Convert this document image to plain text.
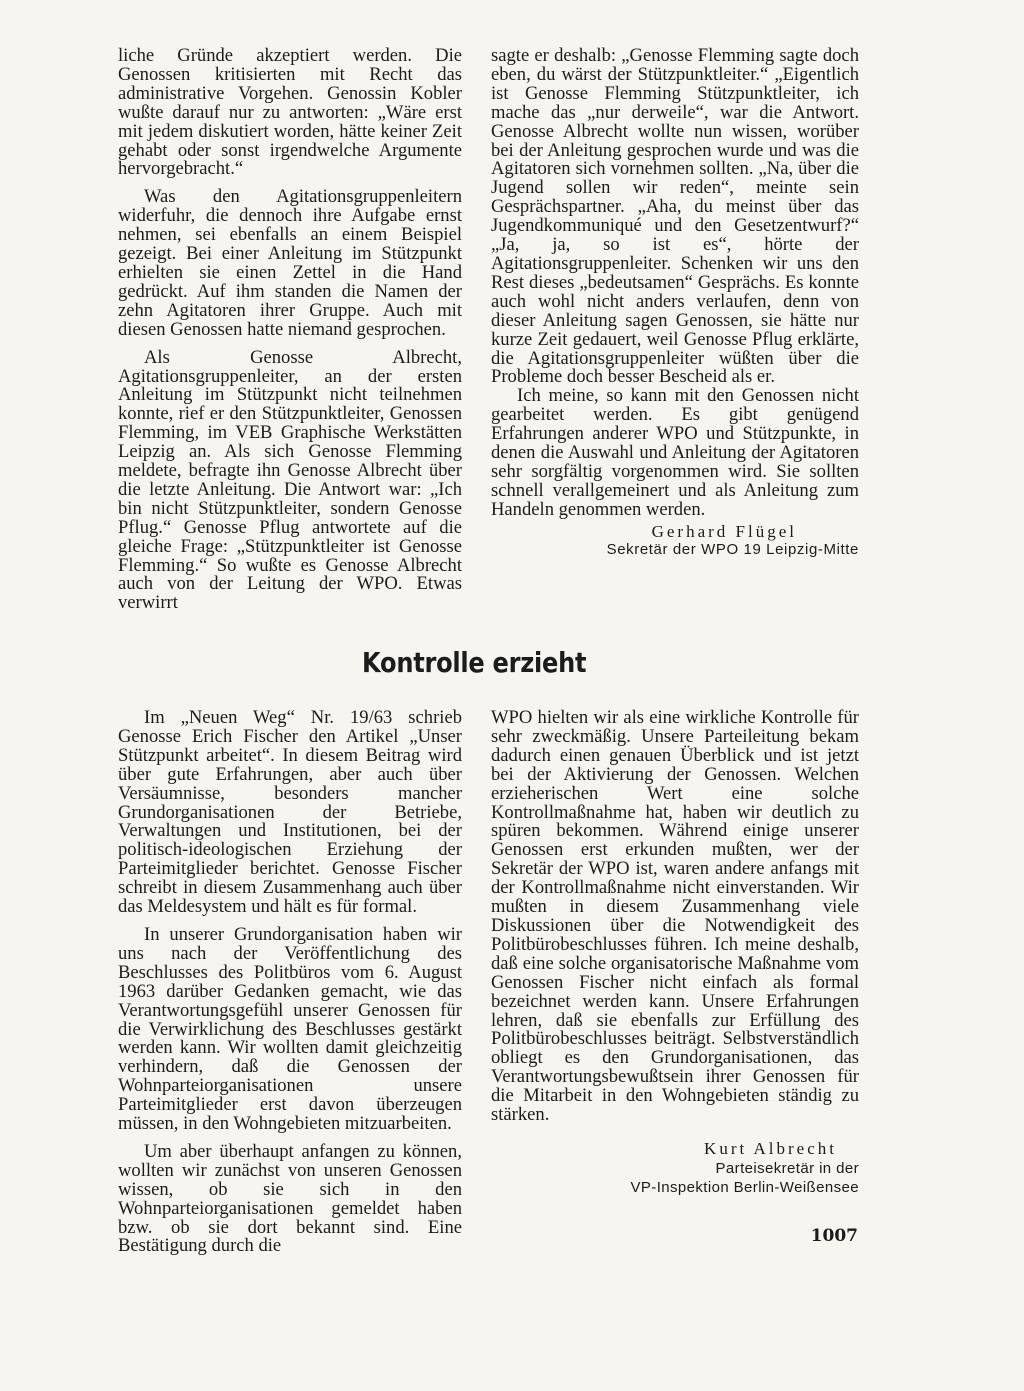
liche Gründe akzeptiert werden. Die Genossen kritisierten mit Recht das administrative Vorgehen. Genossin Kobler wußte darauf nur zu antworten: „Wäre erst mit jedem diskutiert worden, hätte keiner Zeit gehabt oder sonst irgendwelche Argumente hervorgebracht.“

Was den Agitationsgruppenleitern widerfuhr, die dennoch ihre Aufgabe ernst nehmen, sei ebenfalls an einem Beispiel gezeigt. Bei einer Anleitung im Stützpunkt erhielten sie einen Zettel in die Hand gedrückt. Auf ihm standen die Namen der zehn Agitatoren ihrer Gruppe. Auch mit diesen Genossen hatte niemand gesprochen.

Als Genosse Albrecht, Agitationsgruppenleiter, an der ersten Anleitung im Stützpunkt nicht teilnehmen konnte, rief er den Stützpunktleiter, Genossen Flemming, im VEB Graphische Werkstätten Leipzig an. Als sich Genosse Flemming meldete, befragte ihn Genosse Albrecht über die letzte Anleitung. Die Antwort war: „Ich bin nicht Stützpunktleiter, sondern Genosse Pflug.“ Genosse Pflug antwortete auf die gleiche Frage: „Stützpunktleiter ist Genosse Flemming.“ So wußte es Genosse Albrecht auch von der Leitung der WPO. Etwas verwirrt

sagte er deshalb: „Genosse Flemming sagte doch eben, du wärst der Stützpunktleiter.“ „Eigentlich ist Genosse Flemming Stützpunktleiter, ich mache das „nur derweile“, war die Antwort. Genosse Albrecht wollte nun wissen, worüber bei der Anleitung gesprochen wurde und was die Agitatoren sich vornehmen sollten. „Na, über die Jugend sollen wir reden“, meinte sein Gesprächspartner. „Aha, du meinst über das Jugendkommuniqué und den Gesetzentwurf?“ „Ja, ja, so ist es“, hörte der Agitationsgruppenleiter. Schenken wir uns den Rest dieses „bedeutsamen“ Gesprächs. Es konnte auch wohl nicht anders verlaufen, denn von dieser Anleitung sagen Genossen, sie hätte nur kurze Zeit gedauert, weil Genosse Pflug erklärte, die Agitationsgruppenleiter wüßten über die Probleme doch besser Bescheid als er.

Ich meine, so kann mit den Genossen nicht gearbeitet werden. Es gibt genügend Erfahrungen anderer WPO und Stützpunkte, in denen die Auswahl und Anleitung der Agitatoren sehr sorgfältig vorgenommen wird. Sie sollten schnell verallgemeinert und als Anleitung zum Handeln genommen werden.

Gerhard Flügel
Sekretär der WPO 19 Leipzig-Mitte
Kontrolle erzieht

Im „Neuen Weg“ Nr. 19/63 schrieb Genosse Erich Fischer den Artikel „Unser Stützpunkt arbeitet“. In diesem Beitrag wird über gute Erfahrungen, aber auch über Versäumnisse, besonders mancher Grundorganisationen der Betriebe, Verwaltungen und Institutionen, bei der politisch-ideologischen Erziehung der Parteimitglieder berichtet. Genosse Fischer schreibt in diesem Zusammenhang auch über das Meldesystem und hält es für formal.

In unserer Grundorganisation haben wir uns nach der Veröffentlichung des Beschlusses des Politbüros vom 6. August 1963 darüber Gedanken gemacht, wie das Verantwortungsgefühl unserer Genossen für die Verwirklichung des Beschlusses gestärkt werden kann. Wir wollten damit gleichzeitig verhindern, daß die Genossen der Wohnparteiorganisationen unsere Parteimitglieder erst davon überzeugen müssen, in den Wohngebieten mitzuarbeiten.

Um aber überhaupt anfangen zu können, wollten wir zunächst von unseren Genossen wissen, ob sie sich in den Wohnparteiorganisationen gemeldet haben bzw. ob sie dort bekannt sind. Eine Bestätigung durch die

WPO hielten wir als eine wirkliche Kontrolle für sehr zweckmäßig. Unsere Parteileitung bekam dadurch einen genauen Überblick und ist jetzt bei der Aktivierung der Genossen. Welchen erzieherischen Wert eine solche Kontrollmaßnahme hat, haben wir deutlich zu spüren bekommen. Während einige unserer Genossen erst erkunden mußten, wer der Sekretär der WPO ist, waren andere anfangs mit der Kontrollmaßnahme nicht einverstanden. Wir mußten in diesem Zusammenhang viele Diskussionen über die Notwendigkeit des Politbürobeschlusses führen. Ich meine deshalb, daß eine solche organisatorische Maßnahme vom Genossen Fischer nicht einfach als formal bezeichnet werden kann. Unsere Erfahrungen lehren, daß sie ebenfalls zur Erfüllung des Politbürobeschlusses beiträgt. Selbstverständlich obliegt es den Grundorganisationen, das Verantwortungsbewußtsein ihrer Genossen für die Mitarbeit in den Wohngebieten ständig zu stärken.

Kurt Albrecht
Parteisekretär in der
VP-Inspektion Berlin-Weißensee
1007
